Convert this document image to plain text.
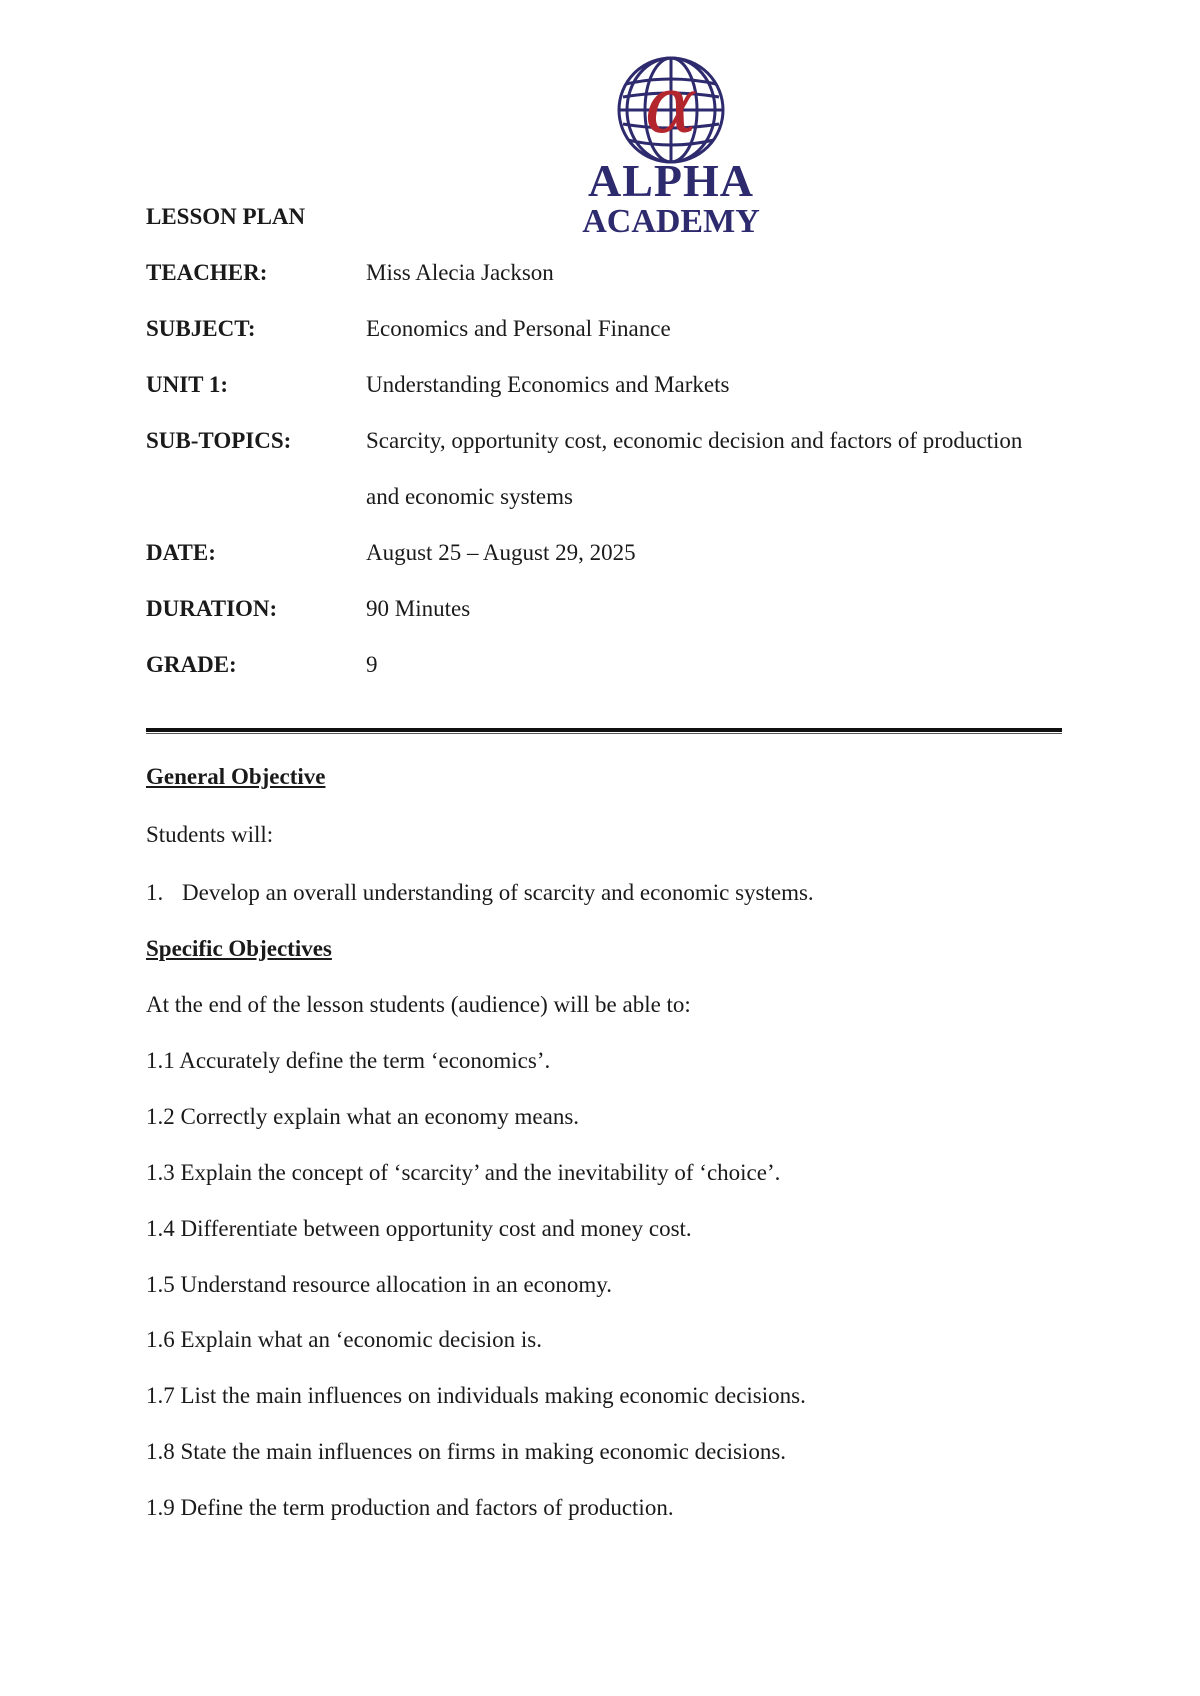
α
ALPHA
ACADEMY
LESSON PLAN
TEACHER:	Miss Alecia Jackson
SUBJECT:	Economics and Personal Finance
UNIT 1:	Understanding Economics and Markets
SUB-TOPICS:	Scarcity, opportunity cost, economic decision and factors of production
and economic systems
DATE:	August 25 – August 29, 2025
DURATION:	90 Minutes
GRADE:	9
General Objective
Students will:
1. Develop an overall understanding of scarcity and economic systems.
Specific Objectives
At the end of the lesson students (audience) will be able to:
1.1 Accurately define the term ‘economics’.
1.2 Correctly explain what an economy means.
1.3 Explain the concept of ‘scarcity’ and the inevitability of ‘choice’.
1.4 Differentiate between opportunity cost and money cost.
1.5 Understand resource allocation in an economy.
1.6 Explain what an ‘economic decision is.
1.7 List the main influences on individuals making economic decisions.
1.8 State the main influences on firms in making economic decisions.
1.9 Define the term production and factors of production.
